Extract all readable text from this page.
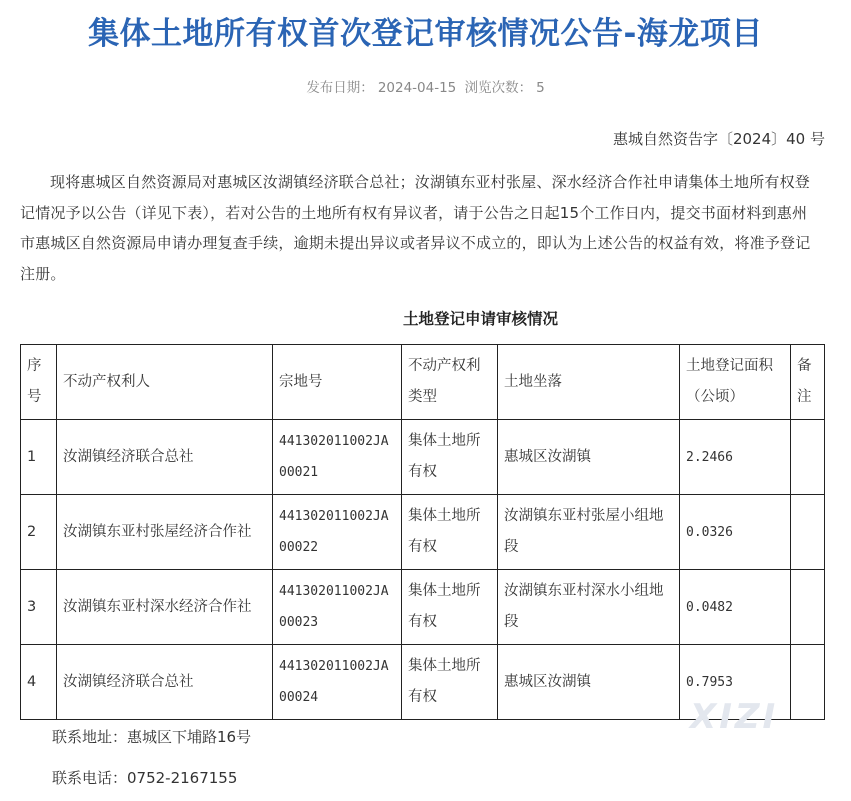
集体土地所有权首次登记审核情况公告-海龙项目
发布日期： 2024-04-15 浏览次数： 5
惠城自然资告字〔2024〕40 号

现将惠城区自然资源局对惠城区汝湖镇经济联合总社；汝湖镇东亚村张屋、深水经济合作社申请集体土地所有权登记情况予以公告（详见下表），若对公告的土地所有权有异议者，请于公告之日起15个工作日内，提交书面材料到惠州市惠城区自然资源局申请办理复查手续，逾期未提出异议或者异议不成立的，即认为上述公告的权益有效，将准予登记注册。

土地登记申请审核情况
序号	不动产权利人	宗地号	不动产权利类型	土地坐落	土地登记面积（公顷）	备注
1	汝湖镇经济联合总社	441302011002JA00021	集体土地所有权	惠城区汝湖镇	2.2466	
2	汝湖镇东亚村张屋经济合作社	441302011002JA00022	集体土地所有权	汝湖镇东亚村张屋小组地段	0.0326	
3	汝湖镇东亚村深水经济合作社	441302011002JA00023	集体土地所有权	汝湖镇东亚村深水小组地段	0.0482	
4	汝湖镇经济联合总社	441302011002JA00024	集体土地所有权	惠城区汝湖镇	0.7953	
联系地址：惠城区下埔路16号
联系电话：0752-2167155
XIZI
